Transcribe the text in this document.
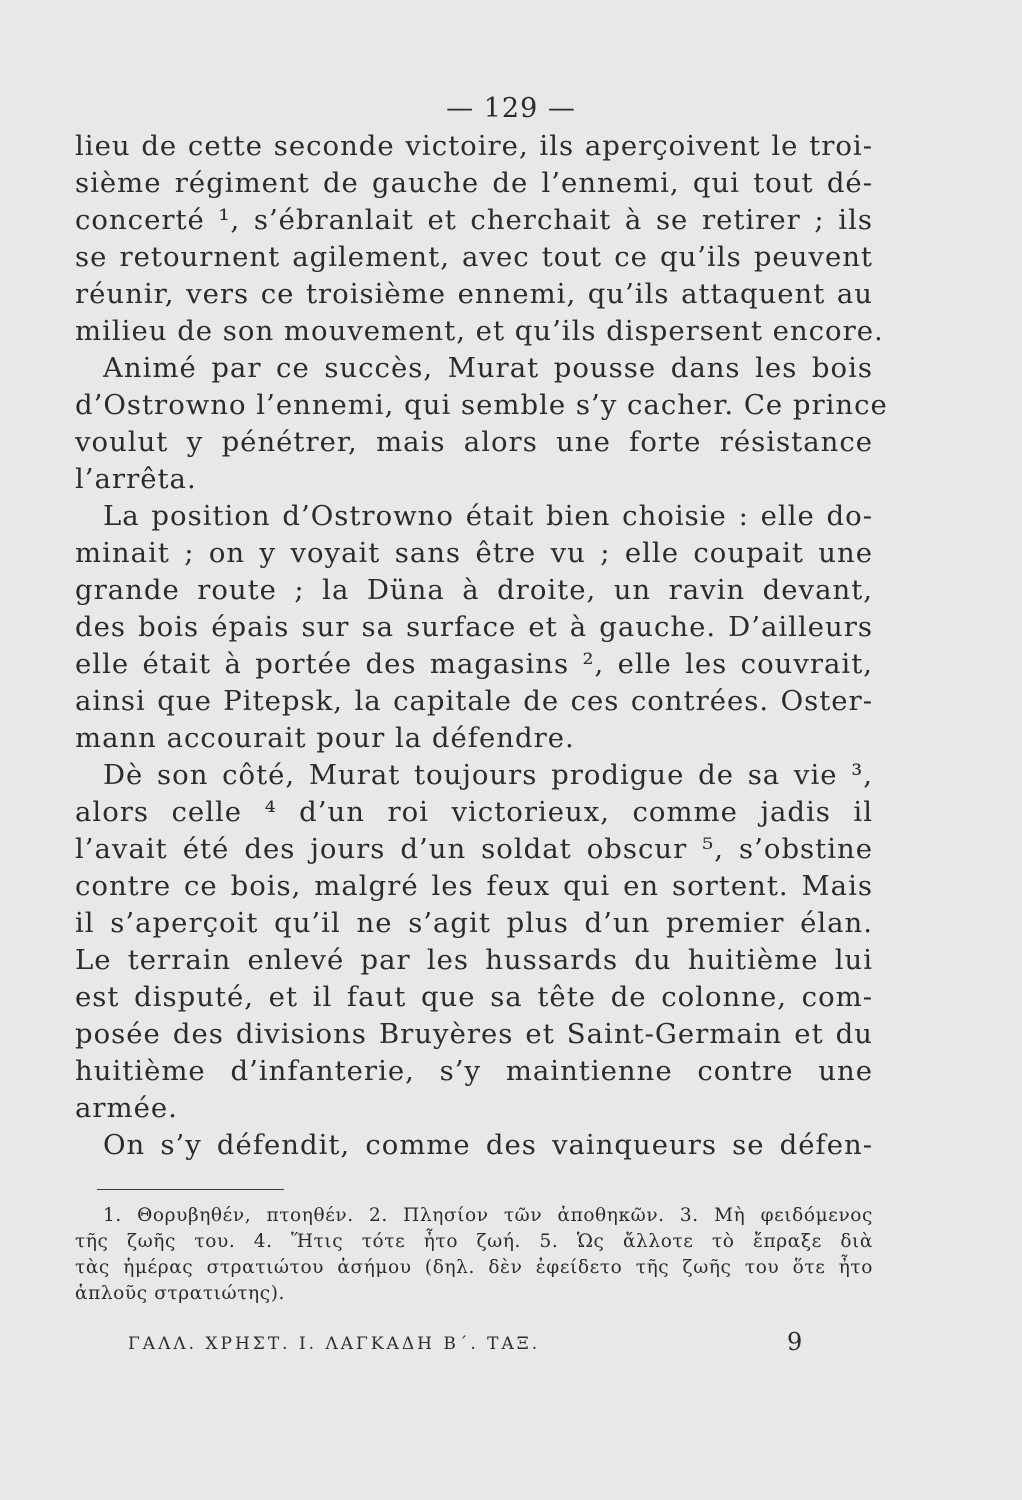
— 129 —
lieu de cette seconde victoire, ils aperçoivent le troi-
sième régiment de gauche de l’ennemi, qui tout dé-
concerté ¹, s’ébranlait et cherchait à se retirer ; ils
se retournent agilement, avec tout ce qu’ils peuvent
réunir, vers ce troisième ennemi, qu’ils attaquent au
milieu de son mouvement, et qu’ils dispersent encore.
Animé par ce succès, Murat pousse dans les bois
d’Ostrowno l’ennemi, qui semble s’y cacher. Ce prince
voulut y pénétrer, mais alors une forte résistance
l’arrêta.
La position d’Ostrowno était bien choisie : elle do-
minait ; on y voyait sans être vu ; elle coupait une
grande route ; la Düna à droite, un ravin devant,
des bois épais sur sa surface et à gauche. D’ailleurs
elle était à portée des magasins ², elle les couvrait,
ainsi que Pitepsk, la capitale de ces contrées. Oster-
mann accourait pour la défendre.
Dè son côté, Murat toujours prodigue de sa vie ³,
alors celle ⁴ d’un roi victorieux, comme jadis il
l’avait été des jours d’un soldat obscur ⁵, s’obstine
contre ce bois, malgré les feux qui en sortent. Mais
il s’aperçoit qu’il ne s’agit plus d’un premier élan.
Le terrain enlevé par les hussards du huitième lui
est disputé, et il faut que sa tête de colonne, com-
posée des divisions Bruyères et Saint-Germain et du
huitième d’infanterie, s’y maintienne contre une
armée.
On s’y défendit, comme des vainqueurs se défen-
1. Θορυβηθέν, πτοηθέν. 2. Πλησίον τῶν ἀποθηκῶν. 3. Μὴ φειδόμενος
τῆς ζωῆς του. 4. Ἥτις τότε ἦτο ζωή. 5. Ὡς ἄλλοτε τὸ ἔπραξε διὰ
τὰς ἡμέρας στρατιώτου ἀσήμου (δηλ. δὲν ἐφείδετο τῆς ζωῆς του ὅτε ἦτο
ἁπλοῦς στρατιώτης).
ΓΑΛΛ. ΧΡΗΣΤ. Ι. ΛΑΓΚΑΔΗ Β΄. ΤΑΞ.	9
